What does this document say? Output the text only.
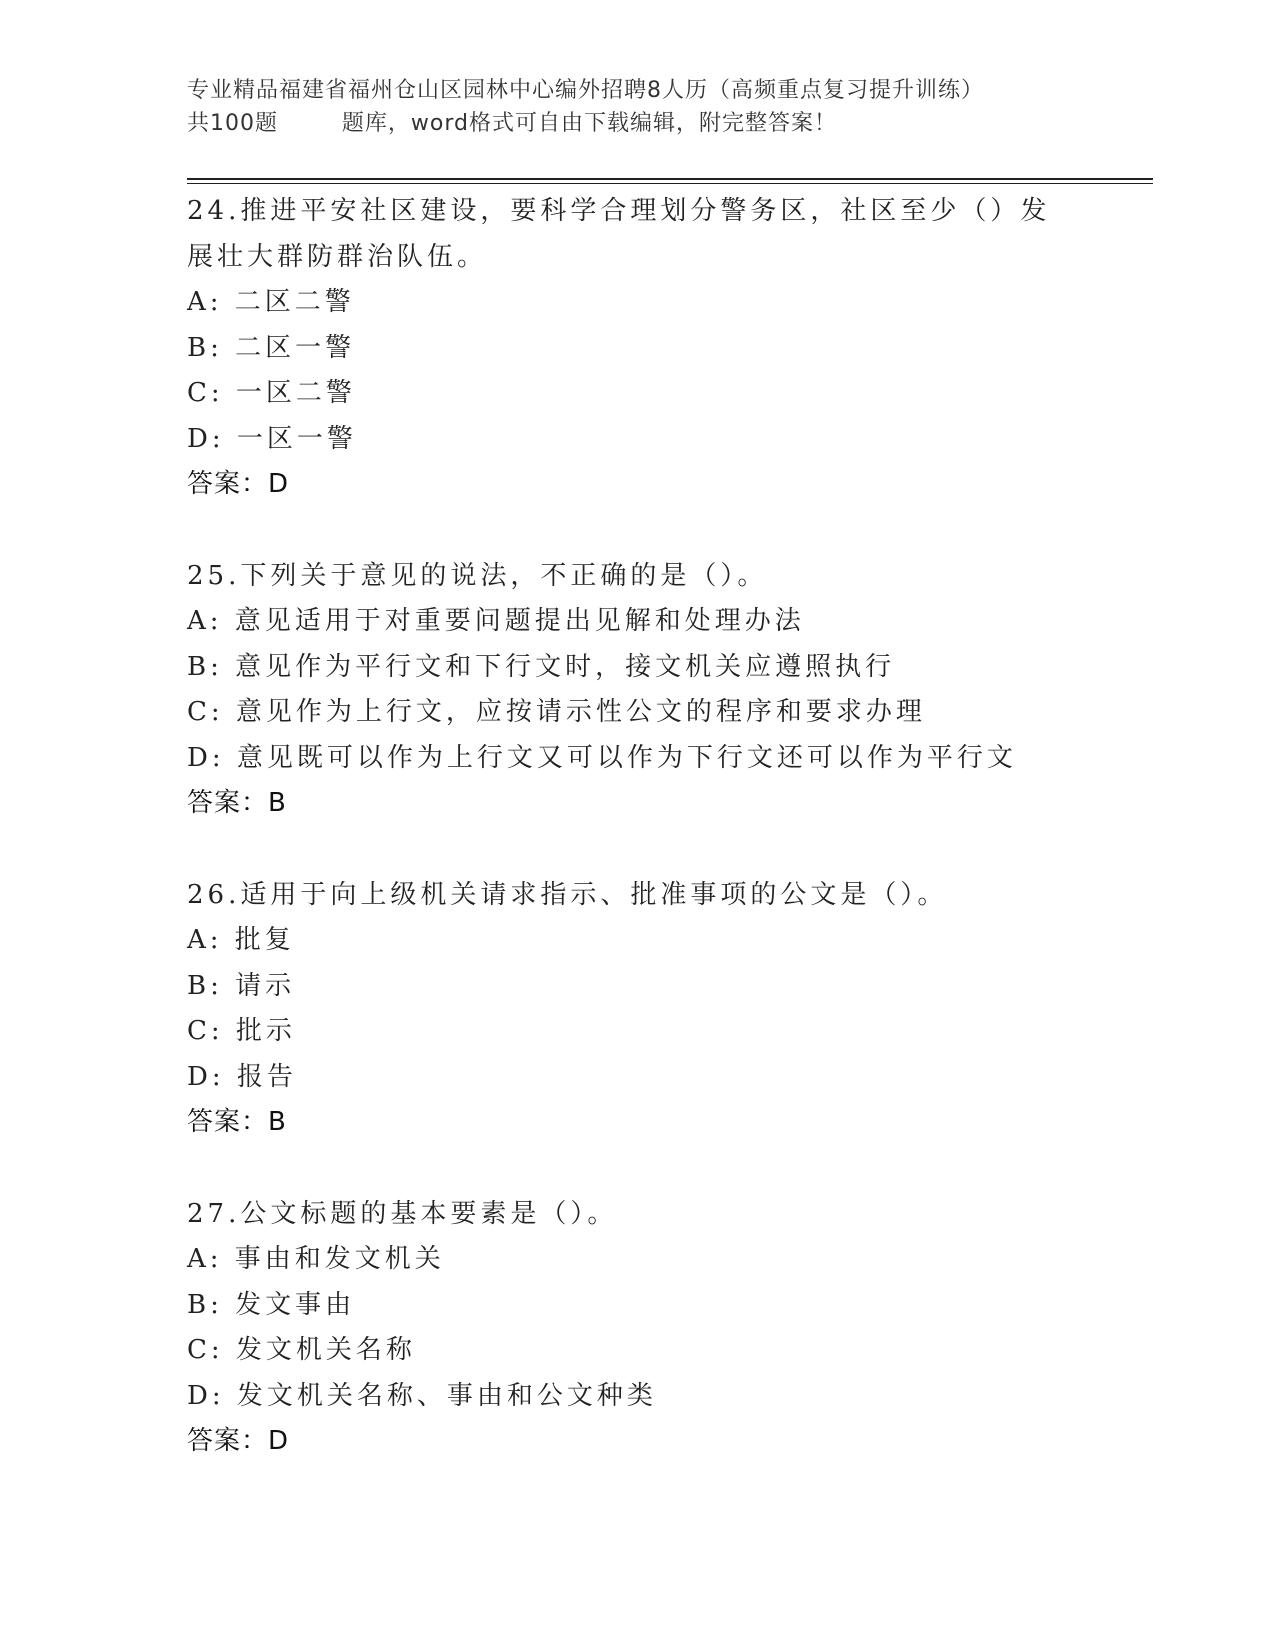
专业精品福建省福州仓山区园林中心编外招聘8人历（高频重点复习提升训练）
共100题        题库，word格式可自由下载编辑，附完整答案！

24.推进平安社区建设，要科学合理划分警务区，社区至少（）发展壮大群防群治队伍。

A: 二区二警

B: 二区一警

C: 一区二警

D: 一区一警

答案：D

25.下列关于意见的说法，不正确的是（）。

A: 意见适用于对重要问题提出见解和处理办法

B: 意见作为平行文和下行文时，接文机关应遵照执行

C: 意见作为上行文，应按请示性公文的程序和要求办理

D: 意见既可以作为上行文又可以作为下行文还可以作为平行文

答案：B

26.适用于向上级机关请求指示、批准事项的公文是（）。

A: 批复

B: 请示

C: 批示

D: 报告

答案：B

27.公文标题的基本要素是（）。

A: 事由和发文机关

B: 发文事由

C: 发文机关名称

D: 发文机关名称、事由和公文种类

答案：D
